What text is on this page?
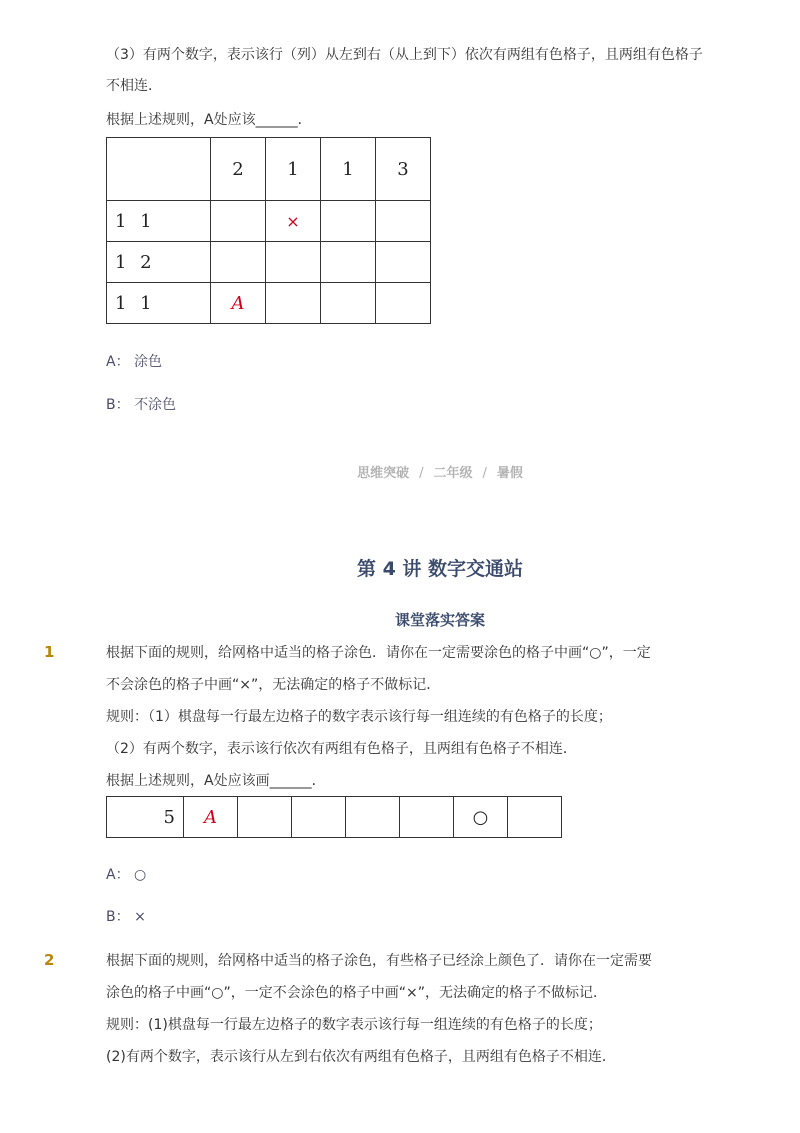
（3）有两个数字，表示该行（列）从左到右（从上到下）依次有两组有色格子，且两组有色格子
不相连．
根据上述规则，A处应该______．
	2	1	1	3
1 1		×		
1 2				
1 1	A			
A： 涂色
B： 不涂色
思维突破 / 二年级 / 暑假
第 4 讲 数字交通站
课堂落实答案
1	根据下面的规则，给网格中适当的格子涂色．请你在一定需要涂色的格子中画“○”，一定
不会涂色的格子中画“×”，无法确定的格子不做标记．
规则：（1）棋盘每一行最左边格子的数字表示该行每一组连续的有色格子的长度；
（2）有两个数字，表示该行依次有两组有色格子，且两组有色格子不相连．
根据上述规则，A处应该画______．
5	A					○	
A： ○
B： ×
2	根据下面的规则，给网格中适当的格子涂色，有些格子已经涂上颜色了．请你在一定需要
涂色的格子中画“○”，一定不会涂色的格子中画“×”，无法确定的格子不做标记．
规则：(1)棋盘每一行最左边格子的数字表示该行每一组连续的有色格子的长度；
(2)有两个数字，表示该行从左到右依次有两组有色格子，且两组有色格子不相连．
